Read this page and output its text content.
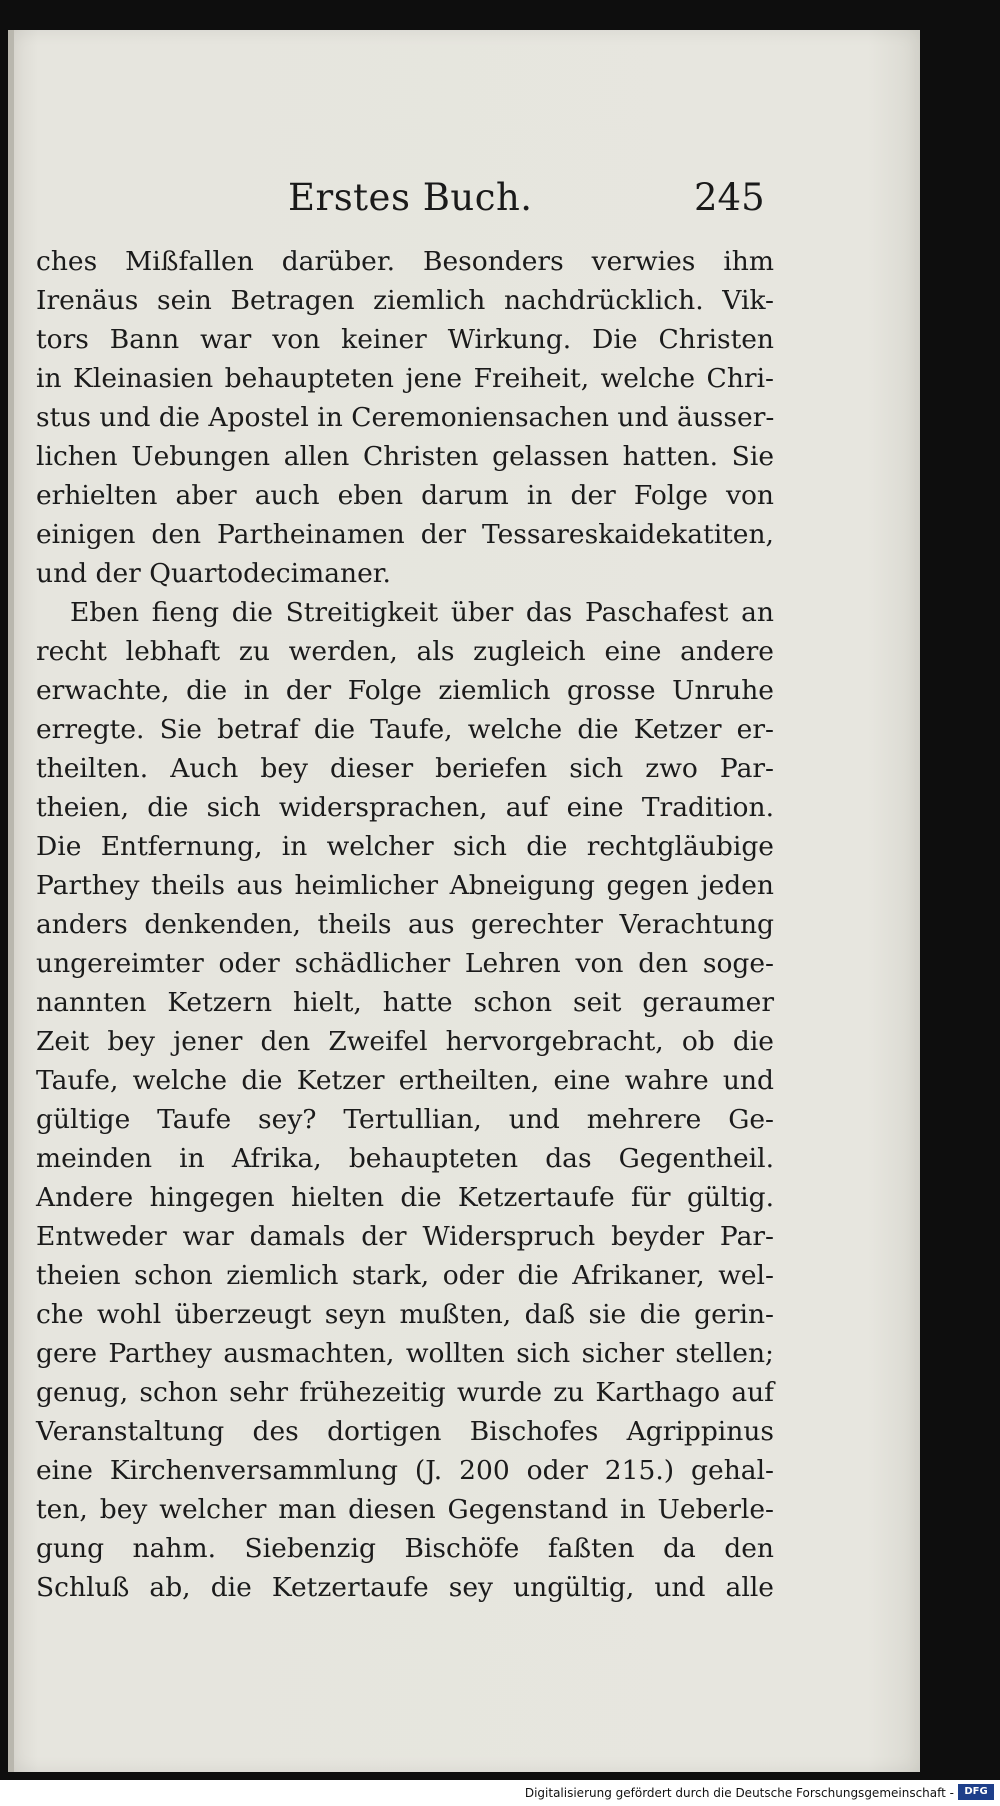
Erstes Buch.	245
ches Mißfallen darüber. Besonders verwies ihm
Irenäus sein Betragen ziemlich nachdrücklich. Vik-
tors Bann war von keiner Wirkung. Die Christen
in Kleinasien behaupteten jene Freiheit, welche Chri-
stus und die Apostel in Ceremoniensachen und äusser-
lichen Uebungen allen Christen gelassen hatten. Sie
erhielten aber auch eben darum in der Folge von
einigen den Partheinamen der Tessareskaidekatiten,
und der Quartodecimaner.
Eben fieng die Streitigkeit über das Paschafest an
recht lebhaft zu werden, als zugleich eine andere
erwachte, die in der Folge ziemlich grosse Unruhe
erregte. Sie betraf die Taufe, welche die Ketzer er-
theilten. Auch bey dieser beriefen sich zwo Par-
theien, die sich widersprachen, auf eine Tradition.
Die Entfernung, in welcher sich die rechtgläubige
Parthey theils aus heimlicher Abneigung gegen jeden
anders denkenden, theils aus gerechter Verachtung
ungereimter oder schädlicher Lehren von den soge-
nannten Ketzern hielt, hatte schon seit geraumer
Zeit bey jener den Zweifel hervorgebracht, ob die
Taufe, welche die Ketzer ertheilten, eine wahre und
gültige Taufe sey? Tertullian, und mehrere Ge-
meinden in Afrika, behaupteten das Gegentheil.
Andere hingegen hielten die Ketzertaufe für gültig.
Entweder war damals der Widerspruch beyder Par-
theien schon ziemlich stark, oder die Afrikaner, wel-
che wohl überzeugt seyn mußten, daß sie die gerin-
gere Parthey ausmachten, wollten sich sicher stellen;
genug, schon sehr frühezeitig wurde zu Karthago auf
Veranstaltung des dortigen Bischofes Agrippinus
eine Kirchenversammlung (J. 200 oder 215.) gehal-
ten, bey welcher man diesen Gegenstand in Ueberle-
gung nahm. Siebenzig Bischöfe faßten da den
Schluß ab, die Ketzertaufe sey ungültig, und alle
Digitalisierung gefördert durch die Deutsche Forschungsgemeinschaft -	DFG
